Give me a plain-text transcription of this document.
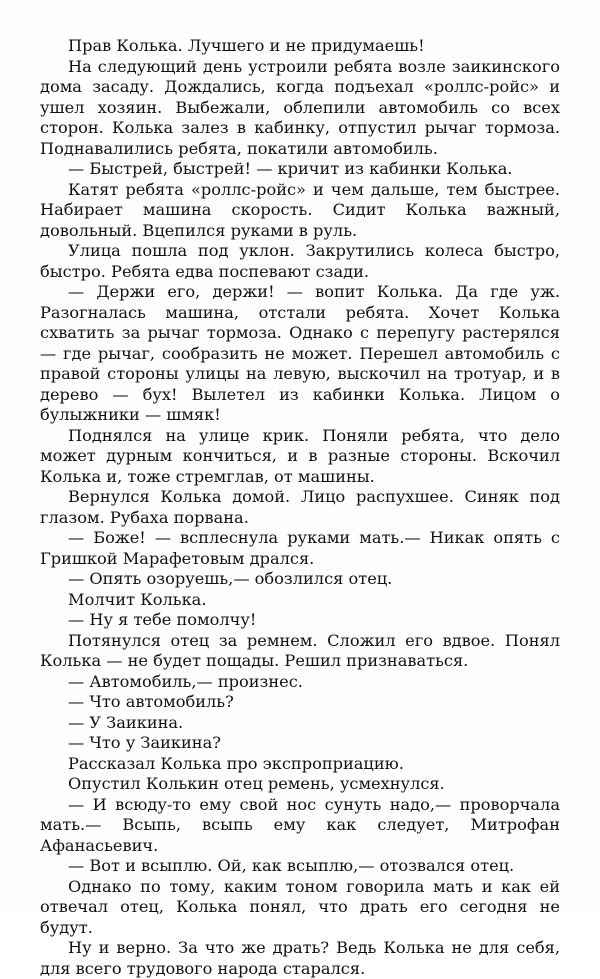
Прав Колька. Лучшего и не придумаешь!

На следующий день устроили ребята возле заикинского дома засаду. Дождались, когда подъехал «роллс-ройс» и ушел хозяин. Выбежали, облепили автомобиль со всех сторон. Колька залез в кабинку, отпустил рычаг тормоза. Поднавалились ребята, покатили автомобиль.

— Быстрей, быстрей! — кричит из кабинки Колька.

Катят ребята «роллс-ройс» и чем дальше, тем быстрее. Набирает машина скорость. Сидит Колька важный, довольный. Вцепился руками в руль.

Улица пошла под уклон. Закрутились колеса быстро, быстро. Ребята едва поспевают сзади.

— Держи его, держи! — вопит Колька. Да где уж. Разогналась машина, отстали ребята. Хочет Колька схватить за рычаг тормоза. Однако с перепугу растерялся — где рычаг, сообразить не может. Перешел автомобиль с правой стороны улицы на левую, выскочил на тротуар, и в дерево — бух! Вылетел из кабинки Колька. Лицом о булыжники — шмяк!

Поднялся на улице крик. Поняли ребята, что дело может дурным кончиться, и в разные стороны. Вскочил Колька и, тоже стремглав, от машины.

Вернулся Колька домой. Лицо распухшее. Синяк под глазом. Рубаха порвана.

— Боже! — всплеснула руками мать.— Никак опять с Гришкой Марафетовым дрался.

— Опять озоруешь,— обозлился отец.

Молчит Колька.

— Ну я тебе помолчу!

Потянулся отец за ремнем. Сложил его вдвое. Понял Колька — не будет пощады. Решил признаваться.

— Автомобиль,— произнес.

— Что автомобиль?

— У Заикина.

— Что у Заикина?

Рассказал Колька про экспроприацию.

Опустил Колькин отец ремень, усмехнулся.

— И всюду-то ему свой нос сунуть надо,— проворчала мать.— Всыпь, всыпь ему как следует, Митрофан Афанасьевич.

— Вот и всыплю. Ой, как всыплю,— отозвался отец.

Однако по тому, каким тоном говорила мать и как ей отвечал отец, Колька понял, что драть его сегодня не будут.

Ну и верно. За что же драть? Ведь Колька не для себя, для всего трудового народа старался.
